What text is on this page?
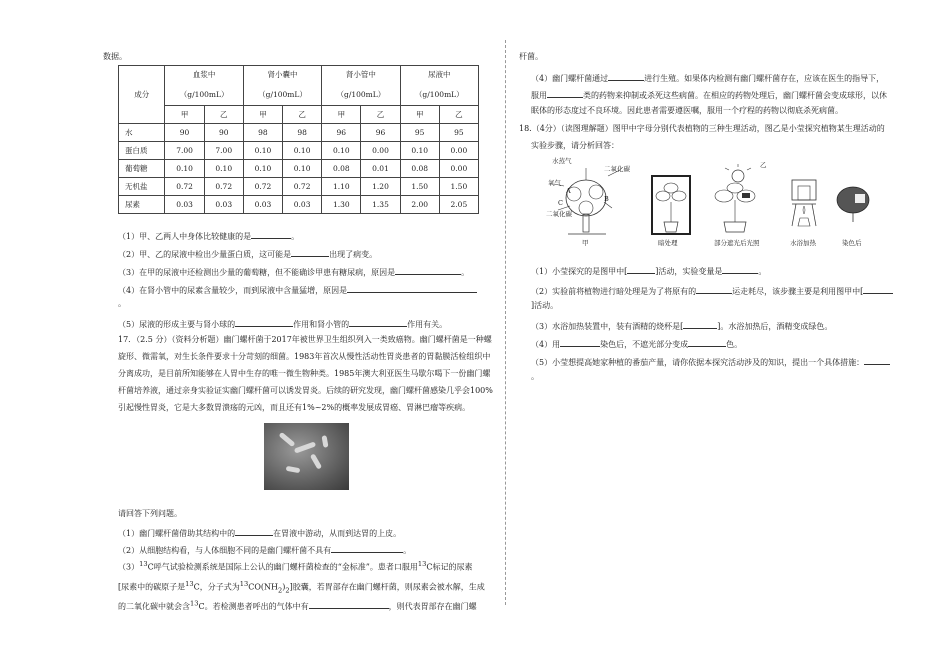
数据。
成分	血浆中		肾小囊中		肾小管中		尿液中	
	（g/100mL）		（g/100mL）		（g/100mL）		（g/100mL）	
	甲	乙	甲	乙	甲	乙	甲	乙
水	90	90	98	98	96	96	95	95
蛋白质	7.00	7.00	0.10	0.10	0.10	0.00	0.10	0.00
葡萄糖	0.10	0.10	0.10	0.10	0.08	0.01	0.08	0.00
无机盐	0.72	0.72	0.72	0.72	1.10	1.20	1.50	1.50
尿素	0.03	0.03	0.03	0.03	1.30	1.35	2.00	2.05
（1）甲、乙两人中身体比较健康的是	。
（2）甲、乙的尿液中检出少量蛋白质，这可能是	出现了病变。
（3）在甲的尿液中还检测出少量的葡萄糖，但不能确诊甲患有糖尿病，原因是	。
（4）在肾小管中的尿素含量较少，而到尿液中含量猛增，原因是
。
（5）尿液的形成主要与肾小球的	作用和肾小管的	作用有关。
17．（2.5 分）（资料分析题）幽门螺杆菌于2017年被世界卫生组织列入一类致癌物。幽门螺杆菌是一种螺
旋形、微需氧，对生长条件要求十分苛刻的细菌。1983年首次从慢性活动性胃炎患者的胃黏膜活检组织中
分离成功，是目前所知能够在人胃中生存的唯一微生物种类。1985年澳大利亚医生马歇尔喝下一份幽门螺
杆菌培养液，通过亲身实验证实幽门螺杆菌可以诱发胃炎。后续的研究发现，幽门螺杆菌感染几乎会100%
引起慢性胃炎，它是大多数胃溃疡的元凶，而且还有1%~2%的概率发展成胃癌、胃淋巴瘤等疾病。
请回答下列问题。
（1）幽门螺杆菌借助其结构中的	在胃液中游动，从而到达胃的上皮。
（2）从细胞结构看，与人体细胞不同的是幽门螺杆菌不具有	。
$(3)^{13}C$呼气试验检测系统是国际上公认的幽门螺杆菌检查的“金标准”。患者口服用$^{13}$C标记的尿素
[尿素中的碳原子是$^{13}$C，分子式为$^{13}CO(NH_2)_2$]胶囊，若胃部存在幽门螺杆菌，则尿素会被水解，生成
的二氧化碳中就会含$^{13}$C。若检测患者呼出的气体中有	，则代表胃部存在幽门螺
杆菌。
（4）幽门螺杆菌通过	进行生殖。如果体内检测有幽门螺杆菌存在，应该在医生的指导下，
服用	类的药物来抑制或杀死这些病菌。在相应的药物处理后，幽门螺杆菌会变成球形，以休
眠体的形态度过不良环境。因此患者需要遵医嘱，服用一个疗程的药物以彻底杀死病菌。
18.（4分）（读图理解题）图甲中字母分别代表植物的三种生理活动，图乙是小莹探究植物某生理活动的
实验步骤，请分析回答：
水蒸气
二氧化碳
氧气
A
B
C
二氧化碳
甲
乙
暗处理	部分遮光后光照	水浴加热	染色后
（1）小莹探究的是图甲中[	]活动，实验变量是	。
（2）实验前将植物进行暗处理是为了将原有的	运走耗尽，该步骤主要是利用图甲中[
]活动。
（3）水浴加热装置中，装有酒精的烧杯是[	]。水浴加热后，酒精变成绿色。
（4）用	染色后，不遮光部分变成	色。
（5）小莹想提高她家种植的番茄产量，请你依据本探究活动涉及的知识，提出一个具体措施：
。
